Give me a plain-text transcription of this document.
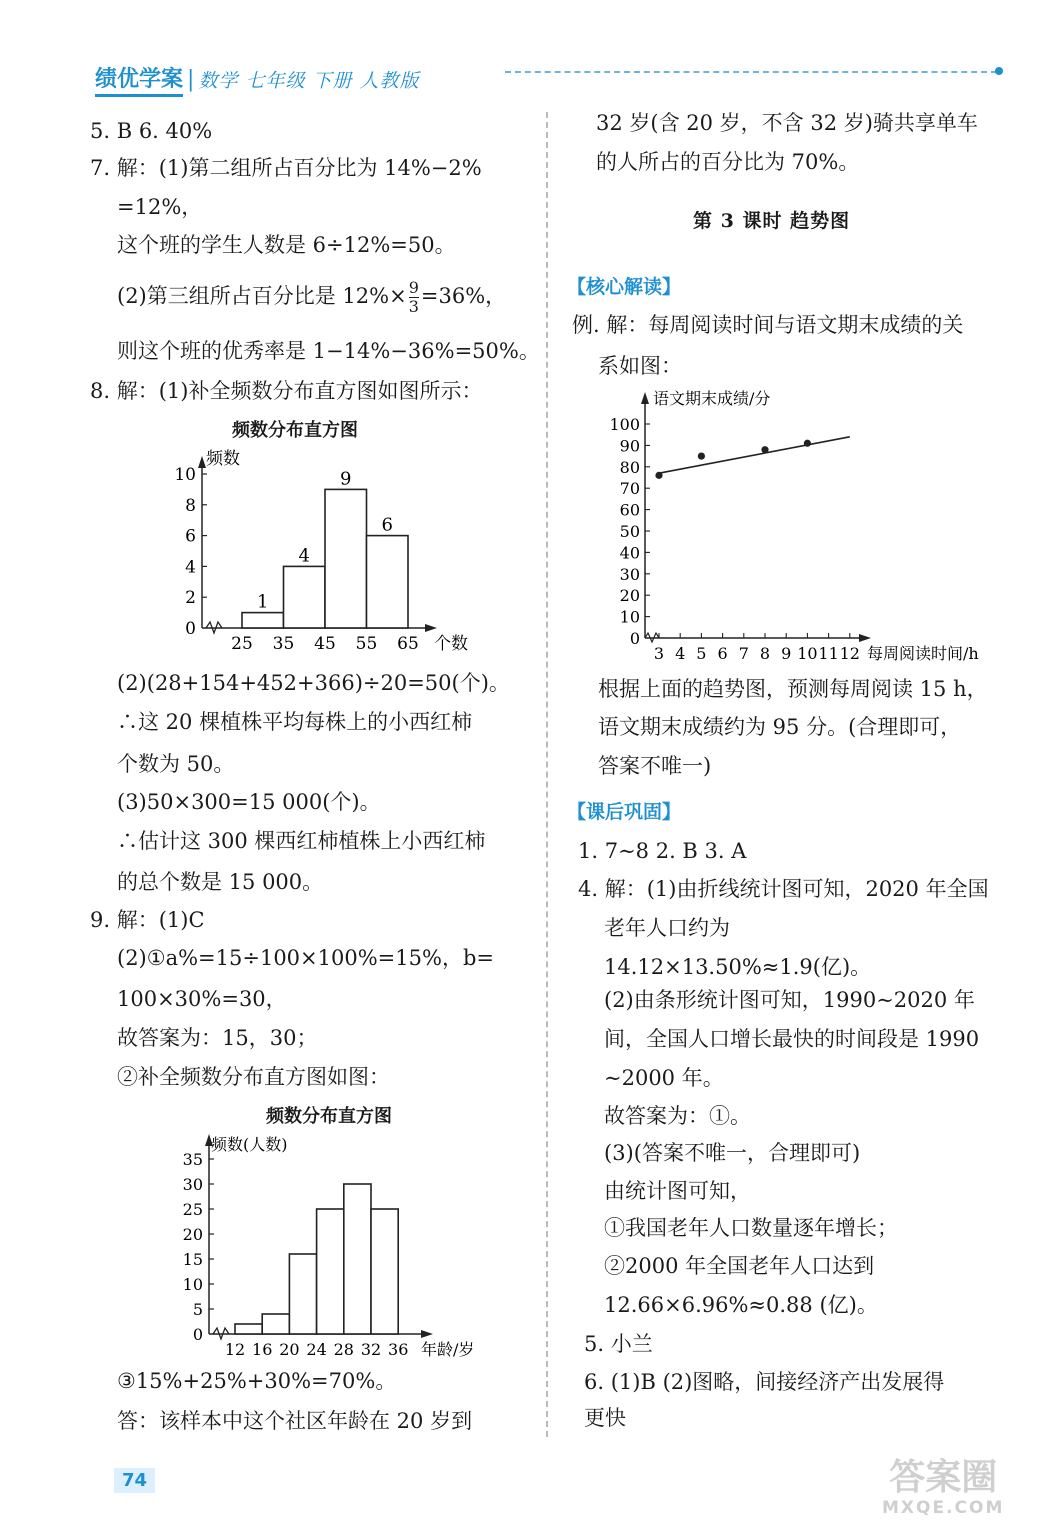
绩优学案 | 数学 七年级 下册 人教版
5. B 6. 40%
7. 解：(1)第二组所占百分比为 14%−2%
=12%，
这个班的学生人数是 6÷12%=50。
(2)第三组所占百分比是 $12\%\times \frac{9}{3} =36\%$，
则这个班的优秀率是 1−14%−36%=50%。
8. 解：(1)补全频数分布直方图如图所示：
频数分布直方图
0
2
4
6
8
10
25 35 45 55 65
1
4
9
6
频数
个数
(2)(28+154+452+366)÷20=50(个)。
∴这 20 棵植株平均每株上的小西红柿
个数为 50。
(3)50×300=15 000(个)。
∴估计这 300 棵西红柿植株上小西红柿
的总个数是 15 000。
9. 解：(1)C
(2)①a%=15÷100×100%=15%，b=
100×30%=30，
故答案为：15，30；
②补全频数分布直方图如图：
频数分布直方图
0
5
10
15
20
25
30
35
12 16 20 24 28 32 36
频数(人数)
年龄/岁
③15%+25%+30%=70%。
答：该样本中这个社区年龄在 20 岁到
32 岁(含 20 岁，不含 32 岁)骑共享单车
的人所占的百分比为 70%。
第 3 课时 趋势图
【核心解读】
例. 解：每周阅读时间与语文期末成绩的关
系如图：
0
10
20
30
40
50
60
70
80
90
100
3 4 5 6 7 8 9 10 11 12
语文期末成绩/分
每周阅读时间/h
根据上面的趋势图，预测每周阅读 15 h，
语文期末成绩约为 95 分。(合理即可，
答案不唯一)
【课后巩固】
1. 7∼8 2. B 3. A
4. 解：(1)由折线统计图可知，2020 年全国
老年人口约为
14.12×13.50%≈1.9(亿)。
(2)由条形统计图可知，1990∼2020 年
间，全国人口增长最快的时间段是 1990
∼2000 年。
故答案为：①。
(3)(答案不唯一，合理即可)
由统计图可知，
①我国老年人口数量逐年增长；
②2000 年全国老年人口达到
12.66×6.96%≈0.88 (亿)。
5. 小兰
6. (1)B (2)图略，间接经济产出发展得
更快
74	答案圈
MXQE.COM
